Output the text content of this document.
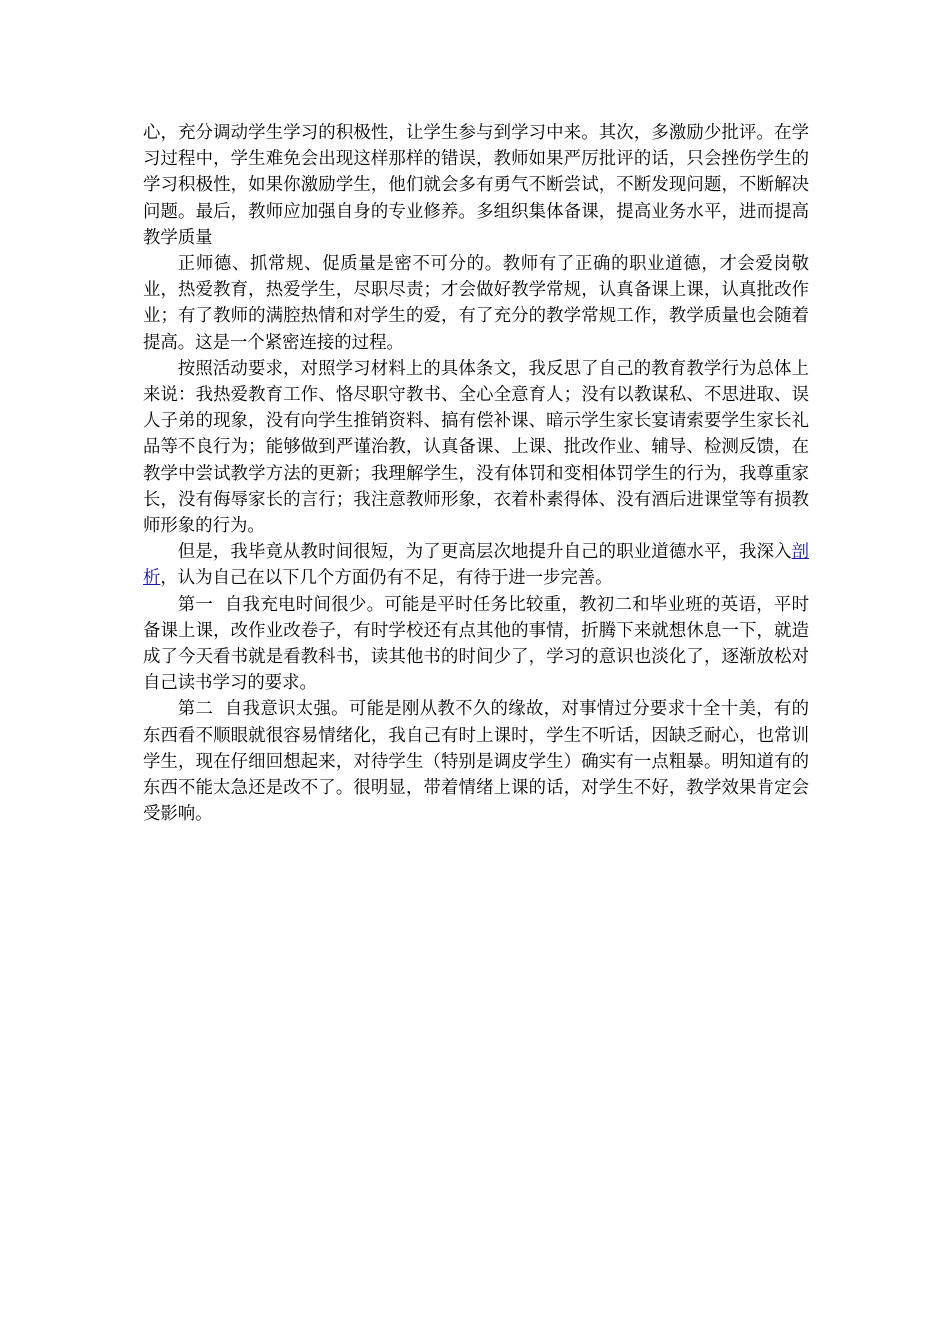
心，充分调动学生学习的积极性，让学生参与到学习中来。其次，多激励少批评。在学习过程中，学生难免会出现这样那样的错误，教师如果严厉批评的话，只会挫伤学生的学习积极性，如果你激励学生，他们就会多有勇气不断尝试，不断发现问题，不断解决问题。最后，教师应加强自身的专业修养。多组织集体备课，提高业务水平，进而提高教学质量

正师德、抓常规、促质量是密不可分的。教师有了正确的职业道德，才会爱岗敬业，热爱教育，热爱学生，尽职尽责；才会做好教学常规，认真备课上课，认真批改作业；有了教师的满腔热情和对学生的爱，有了充分的教学常规工作，教学质量也会随着提高。这是一个紧密连接的过程。

按照活动要求，对照学习材料上的具体条文，我反思了自己的教育教学行为总体上来说：我热爱教育工作、恪尽职守教书、全心全意育人；没有以教谋私、不思进取、误人子弟的现象，没有向学生推销资料、搞有偿补课、暗示学生家长宴请索要学生家长礼品等不良行为；能够做到严谨治教，认真备课、上课、批改作业、辅导、检测反馈，在教学中尝试教学方法的更新；我理解学生，没有体罚和变相体罚学生的行为，我尊重家长，没有侮辱家长的言行；我注意教师形象，衣着朴素得体、没有酒后进课堂等有损教师形象的行为。

但是，我毕竟从教时间很短，为了更高层次地提升自己的职业道德水平，我深入剖析，认为自己在以下几个方面仍有不足，有待于进一步完善。

第一  自我充电时间很少。可能是平时任务比较重，教初二和毕业班的英语，平时备课上课，改作业改卷子，有时学校还有点其他的事情，折腾下来就想休息一下，就造成了今天看书就是看教科书，读其他书的时间少了，学习的意识也淡化了，逐渐放松对自己读书学习的要求。

第二  自我意识太强。可能是刚从教不久的缘故，对事情过分要求十全十美，有的东西看不顺眼就很容易情绪化，我自己有时上课时，学生不听话，因缺乏耐心，也常训学生，现在仔细回想起来，对待学生（特别是调皮学生）确实有一点粗暴。明知道有的东西不能太急还是改不了。很明显，带着情绪上课的话，对学生不好，教学效果肯定会受影响。
